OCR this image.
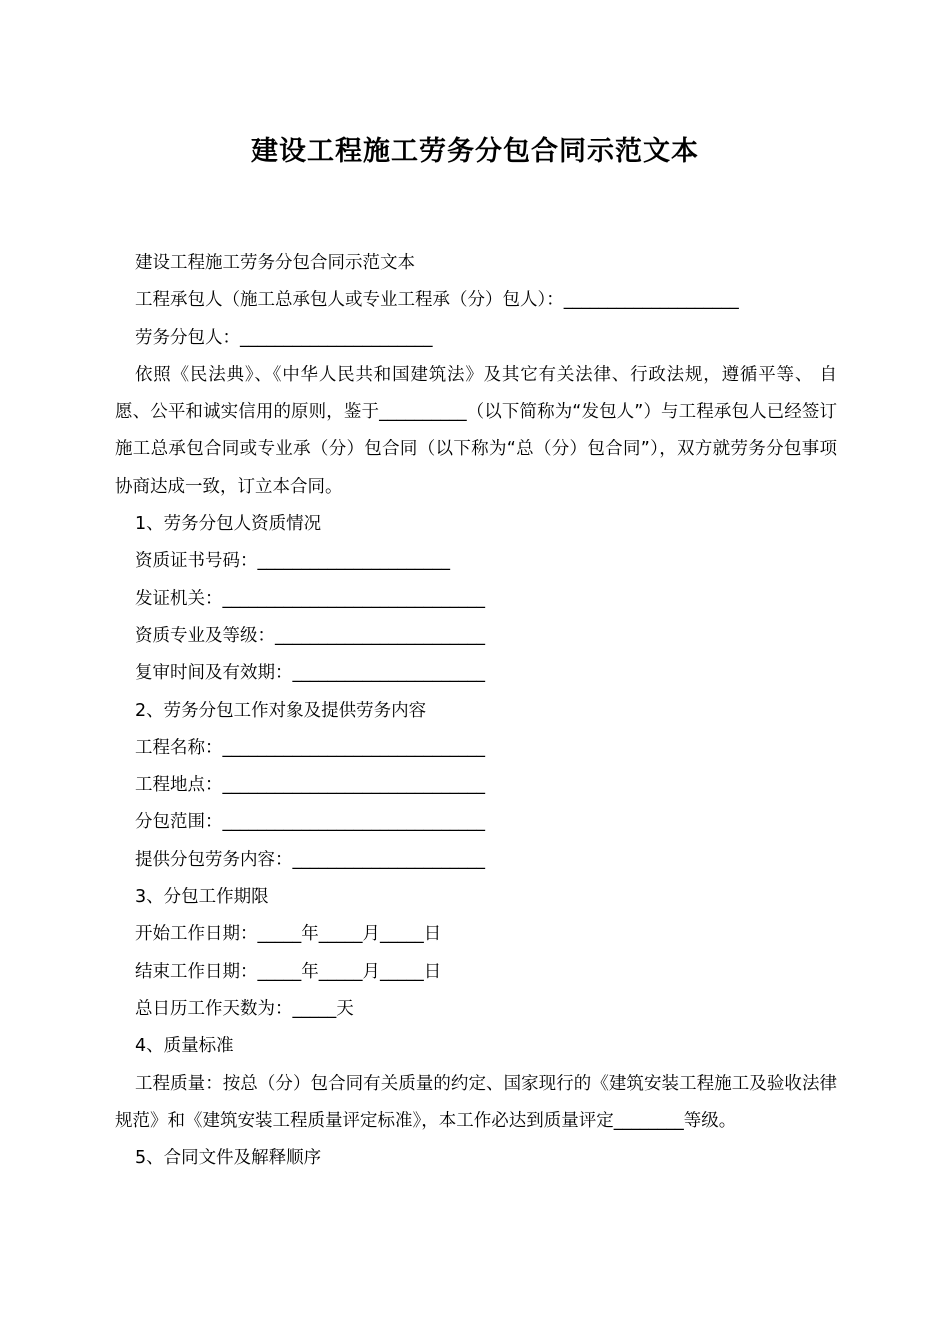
建设工程施工劳务分包合同示范文本
建设工程施工劳务分包合同示范文本
工程承包人（施工总承包人或专业工程承（分）包人）：____________________
劳务分包人：______________________
依照《民法典》、《中华人民共和国建筑法》及其它有关法律、行政法规，遵循平等、 自愿、公平和诚实信用的原则，鉴于__________（以下简称为“发包人”）与工程承包人已经签订施工总承包合同或专业承（分）包合同（以下称为“总（分）包合同”），双方就劳务分包事项协商达成一致，订立本合同。
1、劳务分包人资质情况
资质证书号码：______________________
发证机关：______________________________
资质专业及等级：________________________
复审时间及有效期：______________________
2、劳务分包工作对象及提供劳务内容
工程名称：______________________________
工程地点：______________________________
分包范围：______________________________
提供分包劳务内容：______________________
3、分包工作期限
开始工作日期：_____年_____月_____日
结束工作日期：_____年_____月_____日
总日历工作天数为：_____天
4、质量标准
工程质量：按总（分）包合同有关质量的约定、国家现行的《建筑安装工程施工及验收法律规范》和《建筑安装工程质量评定标准》，本工作必达到质量评定________等级。
5、合同文件及解释顺序
